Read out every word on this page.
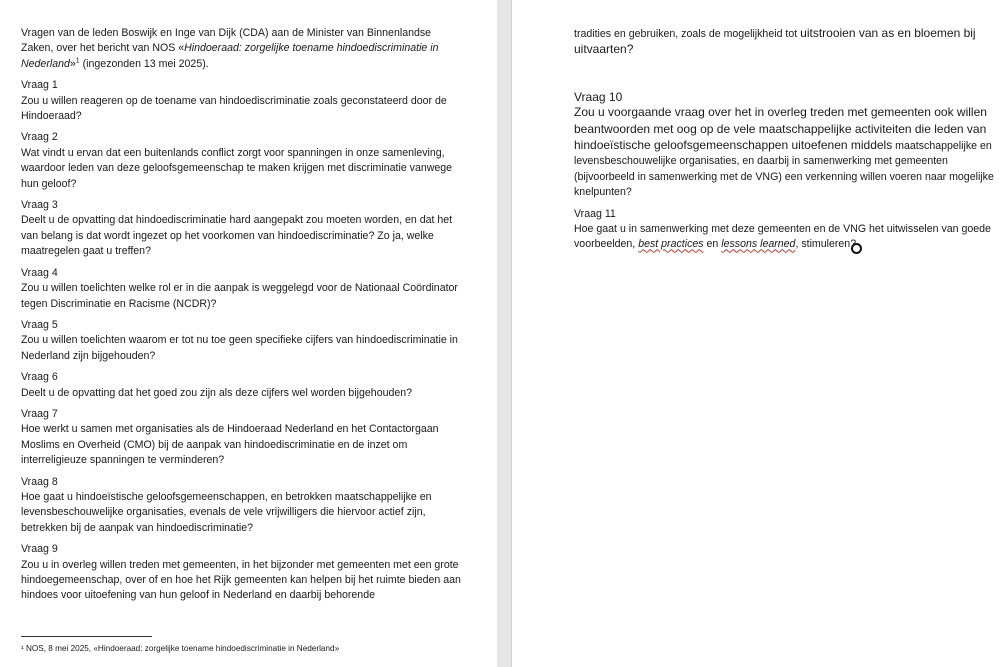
Vragen van de leden Boswijk en Inge van Dijk (CDA) aan de Minister van Binnenlandse Zaken, over het bericht van NOS «Hindoeraad: zorgelijke toename hindoediscriminatie in Nederland»$^1$ (ingezonden 13 mei 2025).

Vraag 1
Zou u willen reageren op de toename van hindoediscriminatie zoals geconstateerd door de Hindoeraad?
Vraag 2
Wat vindt u ervan dat een buitenlands conflict zorgt voor spanningen in onze samenleving, waardoor leden van deze geloofsgemeenschap te maken krijgen met discriminatie vanwege hun geloof?
Vraag 3
Deelt u de opvatting dat hindoediscriminatie hard aangepakt zou moeten worden, en dat het van belang is dat wordt ingezet op het voorkomen van hindoediscriminatie? Zo ja, welke maatregelen gaat u treffen?
Vraag 4
Zou u willen toelichten welke rol er in die aanpak is weggelegd voor de Nationaal Coördinator tegen Discriminatie en Racisme (NCDR)?
Vraag 5
Zou u willen toelichten waarom er tot nu toe geen specifieke cijfers van hindoediscriminatie in Nederland zijn bijgehouden?
Vraag 6
Deelt u de opvatting dat het goed zou zijn als deze cijfers wel worden bijgehouden?
Vraag 7
Hoe werkt u samen met organisaties als de Hindoeraad Nederland en het Contactorgaan Moslims en Overheid (CMO) bij de aanpak van hindoediscriminatie en de inzet om interreligieuze spanningen te verminderen?
Vraag 8
Hoe gaat u hindoeïstische geloofsgemeenschappen, en betrokken maatschappelijke en levensbeschouwelijke organisaties, evenals de vele vrijwilligers die hiervoor actief zijn, betrekken bij de aanpak van hindoediscriminatie?
Vraag 9
Zou u in overleg willen treden met gemeenten, in het bijzonder met gemeenten met een grote hindoegemeenschap, over of en hoe het Rijk gemeenten kan helpen bij het ruimte bieden aan hindoes voor uitoefening van hun geloof in Nederland en daarbij behorende
¹ NOS, 8 mei 2025, «Hindoeraad: zorgelijke toename hindoediscriminatie in Nederland»

tradities en gebruiken, zoals de mogelijkheid tot uitstrooien van as en bloemen bij uitvaarten?

Vraag 10
Zou u voorgaande vraag over het in overleg treden met gemeenten ook willen beantwoorden met oog op de vele maatschappelijke activiteiten die leden van hindoeïstische geloofsgemeenschappen uitoefenen middels maatschappelijke en levensbeschouwelijke organisaties, en daarbij in samenwerking met gemeenten (bijvoorbeeld in samenwerking met de VNG) een verkenning willen voeren naar mogelijke knelpunten?
Vraag 11
Hoe gaat u in samenwerking met deze gemeenten en de VNG het uitwisselen van goede voorbeelden, best practices en lessons learned, stimuleren?
